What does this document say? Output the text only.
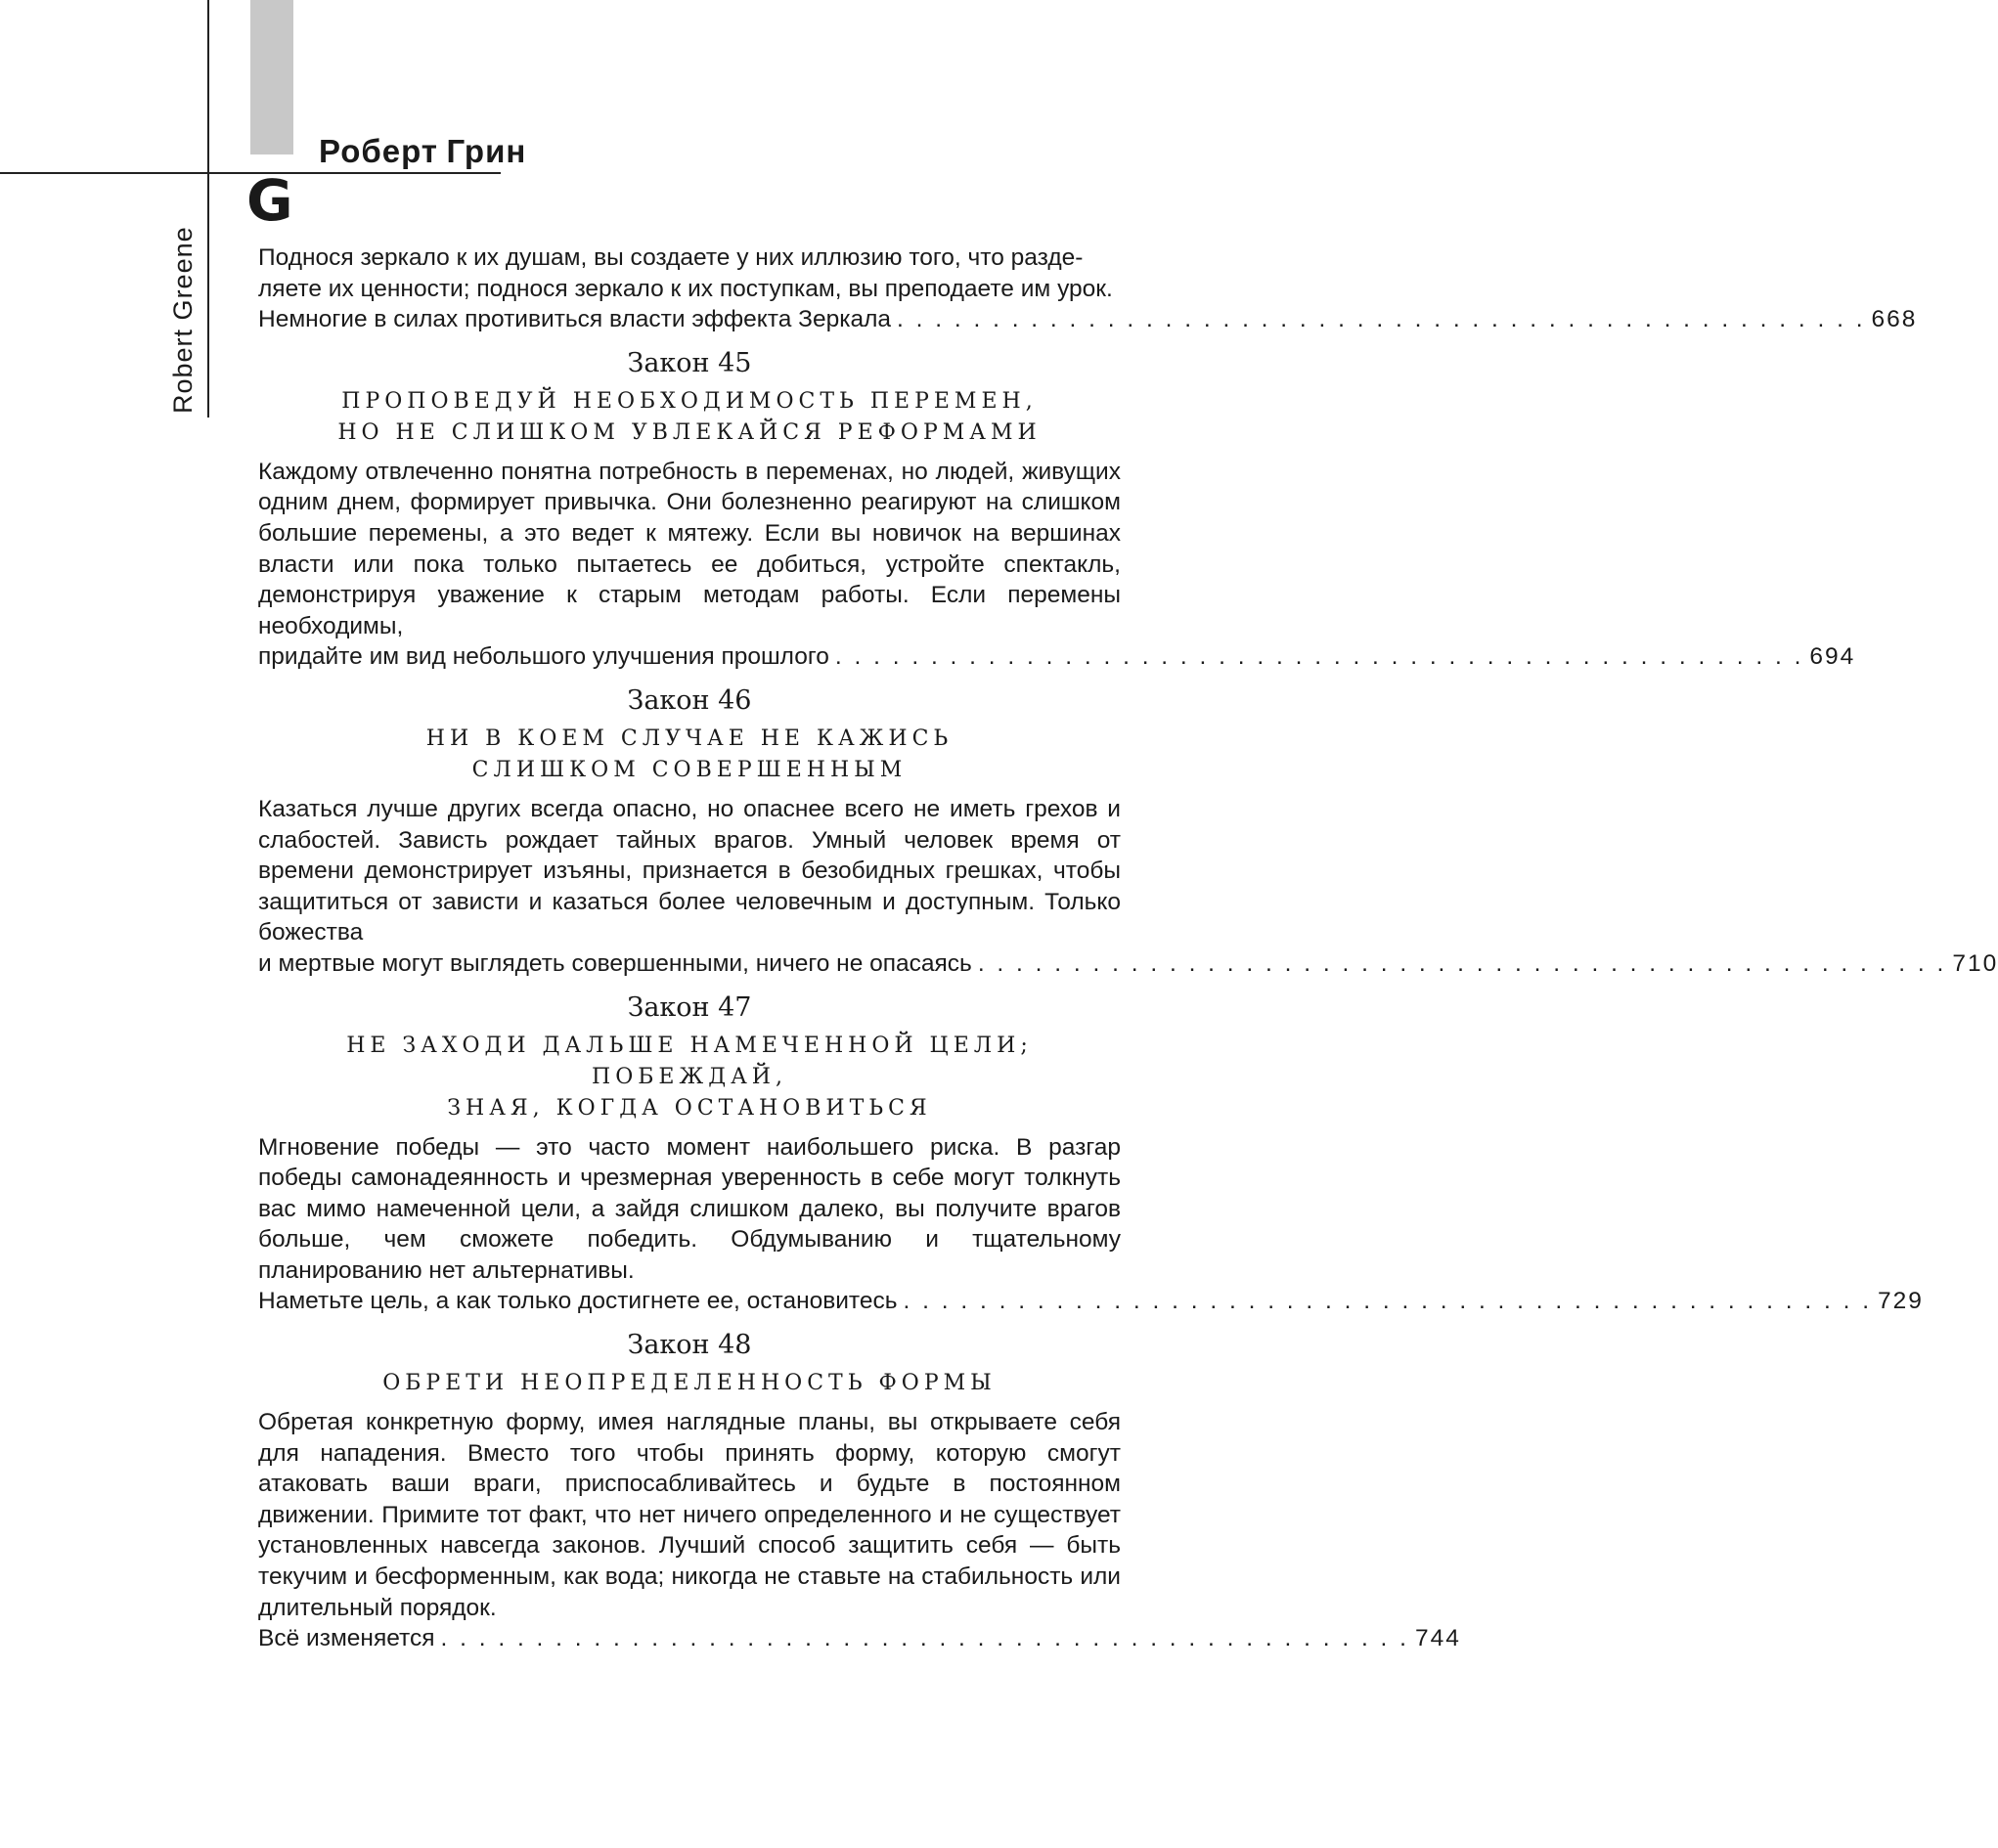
Роберт Грин
G
Robert Greene	Поднося зеркало к их душам, вы создаете у них иллюзию того, что разде-
ляете их ценности; поднося зеркало к их поступкам, вы преподаете им урок.
Немногие в силах противиться власти эффекта Зеркала . . . . . . . . . . . . . . . . . . . . . . . . . . . . . . . . . . . . . . . . . . . . . . . . . . . 668
Закон 45
ПРОПОВЕДУЙ НЕОБХОДИМОСТЬ ПЕРЕМЕН,
НО НЕ СЛИШКОМ УВЛЕКАЙСЯ РЕФОРМАМИ
Каждому отвлеченно понятна потребность в переменах, но людей, живущих одним днем, формирует привычка. Они болезненно реагируют на слишком большие перемены, а это ведет к мятежу. Если вы новичок на вершинах власти или пока только пытаетесь ее добиться, устройте спектакль, демонстрируя уважение к старым методам работы. Если перемены необходимы,
придайте им вид небольшого улучшения прошлого . . . . . . . . . . . . . . . . . . . . . . . . . . . . . . . . . . . . . . . . . . . . . . . . . . . 694
Закон 46
НИ В КОЕМ СЛУЧАЕ НЕ КАЖИСЬ
СЛИШКОМ СОВЕРШЕННЫМ
Казаться лучше других всегда опасно, но опаснее всего не иметь грехов и слабостей. Зависть рождает тайных врагов. Умный человек время от времени демонстрирует изъяны, признается в безобидных грешках, чтобы защититься от зависти и казаться более человечным и доступным. Только божества
и мертвые могут выглядеть совершенными, ничего не опасаясь . . . . . . . . . . . . . . . . . . . . . . . . . . . . . . . . . . . . . . . . . . . . . . . . . . . 710
Закон 47
НЕ ЗАХОДИ ДАЛЬШЕ НАМЕЧЕННОЙ ЦЕЛИ; ПОБЕЖДАЙ,
ЗНАЯ, КОГДА ОСТАНОВИТЬСЯ
Мгновение победы — это часто момент наибольшего риска. В разгар победы самонадеянность и чрезмерная уверенность в себе могут толкнуть вас мимо намеченной цели, а зайдя слишком далеко, вы получите врагов больше, чем сможете победить. Обдумыванию и тщательному планированию нет альтернативы.
Наметьте цель, а как только достигнете ее, остановитесь . . . . . . . . . . . . . . . . . . . . . . . . . . . . . . . . . . . . . . . . . . . . . . . . . . . 729
Закон 48
ОБРЕТИ НЕОПРЕДЕЛЕННОСТЬ ФОРМЫ
Обретая конкретную форму, имея наглядные планы, вы открываете себя для нападения. Вместо того чтобы принять форму, которую смогут атаковать ваши враги, приспосабливайтесь и будьте в постоянном движении. Примите тот факт, что нет ничего определенного и не существует установленных навсегда законов. Лучший способ защитить себя — быть текучим и бесформенным, как вода; никогда не ставьте на стабильность или длительный порядок.
Всё изменяется . . . . . . . . . . . . . . . . . . . . . . . . . . . . . . . . . . . . . . . . . . . . . . . . . . . 744
